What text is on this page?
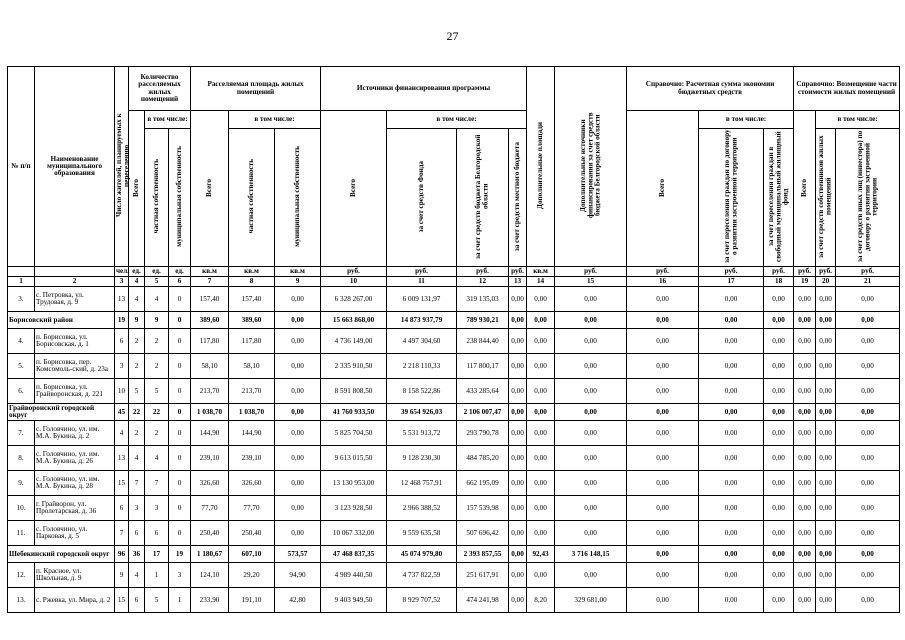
27
№ п/п	Наименование муниципального образования	Число жителей, планируемых к переселению	Количество расселяемых жилых помещений			Расселяемая площадь жилых помещений			Источники финансирования программы				Дополнительные площади	Дополнительные источники финансирования за счет средств бюджета Белгородской области	Справочно: Расчетная сумма экономии бюджетных средств			Справочно: Возмещение части стоимости жилых помещений		
			Всего	в том числе:		Всего	в том числе:		Всего	в том числе:					Всего	в том числе:		Всего	в том числе:	
				частная собственность	муниципальная собственность		частная собственность	муниципальная собственность		за счет средств Фонда	за счет средств бюджета Белгородской области	за счет средств местного бюджета				за счет переселения граждан по договору о развитии застроенной территории	за счет переселения граждан в свободный муниципальный жилищный фонд		за счет средств собственников жилых помещений	за счет средств иных лиц (инвестора) по договору о развитии застроенной территории
		чел.	ед.	ед.	ед.	кв.м	кв.м	кв.м	руб.	руб.	руб.	руб.	кв.м	руб.	руб.	руб.	руб.	руб.	руб.	руб.
1	2	3	4	5	6	7	8	9	10	11	12	13	14	15	16	17	18	19	20	21
3.	с. Петровка, ул. Трудовая, д. 9	13	4	4	0	157,40	157,40	0,00	6 328 267,00	6 009 131,97	319 135,03	0,00	0,00	0,00	0,00	0,00	0,00	0,00	0,00	0,00
Борисовский район		19	9	9	0	389,60	389,60	0,00	15 663 868,00	14 873 937,79	789 930,21	0,00	0,00	0,00	0,00	0,00	0,00	0,00	0,00	0,00
4.	п. Борисовка, ул. Борисовская, д. 1	6	2	2	0	117,80	117,80	0,00	4 736 149,00	4 497 304,60	238 844,40	0,00	0,00	0,00	0,00	0,00	0,00	0,00	0,00	0,00
5.	п. Борисовка, пер. Комсомоль-ский, д. 23а	3	2	2	0	58,10	58,10	0,00	2 335 910,50	2 218 110,33	117 800,17	0,00	0,00	0,00	0,00	0,00	0,00	0,00	0,00	0,00
6.	п. Борисовка, ул. Грайворонская, д. 221	10	5	5	0	213,70	213,70	0,00	8 591 808,50	8 158 522,86	433 285,64	0,00	0,00	0,00	0,00	0,00	0,00	0,00	0,00	0,00
Грайворонский городской округ		45	22	22	0	1 038,70	1 038,70	0,00	41 760 933,50	39 654 926,03	2 106 007,47	0,00	0,00	0,00	0,00	0,00	0,00	0,00	0,00	0,00
7.	с. Головчино, ул. им. М.А. Букина, д. 2	4	2	2	0	144,90	144,90	0,00	5 825 704,50	5 531 913,72	293 790,78	0,00	0,00	0,00	0,00	0,00	0,00	0,00	0,00	0,00
8.	с. Головчино, ул. им. М.А. Букина, д. 26	13	4	4	0	239,10	239,10	0,00	9 613 015,50	9 128 230,30	484 785,20	0,00	0,00	0,00	0,00	0,00	0,00	0,00	0,00	0,00
9.	с. Головчино, ул. им. М.А. Букина, д. 28	15	7	7	0	326,60	326,60	0,00	13 130 953,00	12 468 757,91	662 195,09	0,00	0,00	0,00	0,00	0,00	0,00	0,00	0,00	0,00
10.	г. Грайворон, ул. Пролетарская, д. 36	6	3	3	0	77,70	77,70	0,00	3 123 928,50	2 966 388,52	157 539,98	0,00	0,00	0,00	0,00	0,00	0,00	0,00	0,00	0,00
11.	с. Головчино, ул. Парковая, д. 5	7	6	6	0	250,40	250,40	0,00	10 067 332,00	9 559 635,58	507 696,42	0,00	0,00	0,00	0,00	0,00	0,00	0,00	0,00	0,00
Шебекинский городской округ		96	36	17	19	1 180,67	607,10	573,57	47 468 837,35	45 074 979,80	2 393 857,55	0,00	92,43	3 716 148,15	0,00	0,00	0,00	0,00	0,00	0,00
12.	п. Красное, ул. Школьная, д. 9	9	4	1	3	124,10	29,20	94,90	4 989 440,50	4 737 822,59	251 617,91	0,00	0,00	0,00	0,00	0,00	0,00	0,00	0,00	0,00
13.	с. Ржевка, ул. Мира, д. 2	15	6	5	1	233,90	191,10	42,80	9 403 949,50	8 929 707,52	474 241,98	0,00	8,20	329 681,00	0,00	0,00	0,00	0,00	0,00	0,00
